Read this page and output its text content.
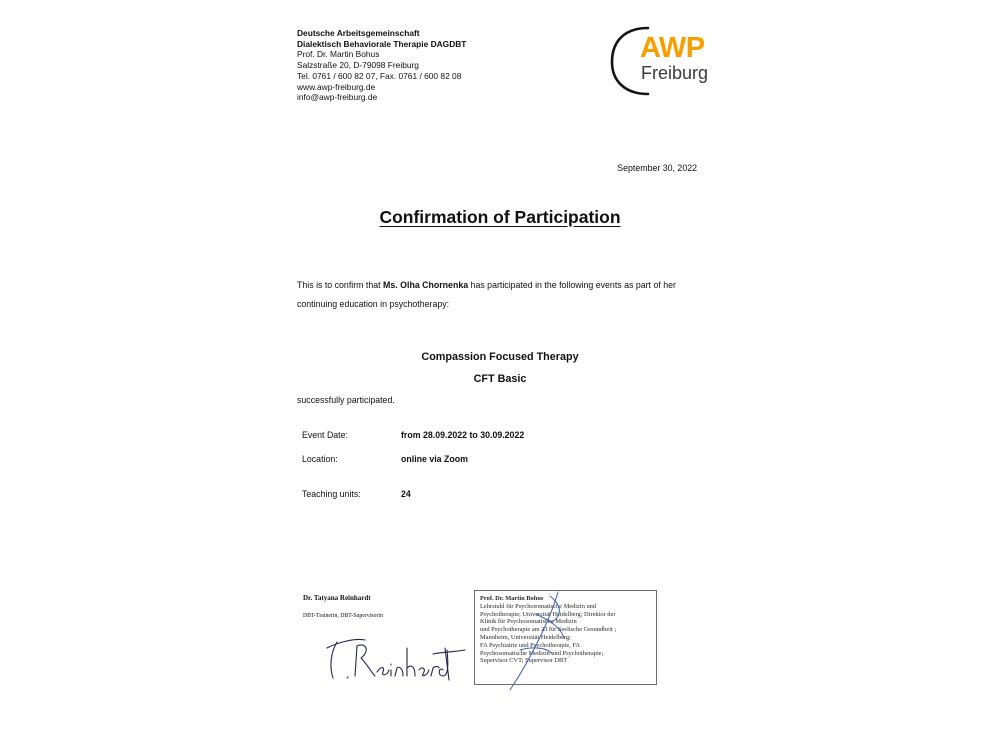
Deutsche Arbeitsgemeinschaft
Dialektisch Behaviorale Therapie DAGDBT
Prof. Dr. Martin Bohus
Salzstraße 20, D-79098 Freiburg
Tel. 0761 / 600 82 07, Fax. 0761 / 600 82 08
www.awp-freiburg.de
info@awp-freiburg.de
AWP
Freiburg
September 30, 2022
Confirmation of Participation
This is to confirm that Ms. Olha Chornenka has participated in the following events as part of her continuing education in psychotherapy:
Compassion Focused Therapy
CFT Basic
successfully participated.
Event Date:	from 28.09.2022 to 30.09.2022
Location:	online via Zoom
Teaching units:	24
Dr. Tatyana Reinhardt
DBT-Trainerin, DBT-Supervisorin
Prof. Dr. Martin Bohus
Lehrstuhl für Psychosomatische Medizin und
Psychotherapie; Universität Heidelberg; Direktor der
Klinik für Psychosomatische Medizin
und Psychotherapie am ZI für Seelische Gesundheit ;
Mannheim, Universität Heidelberg;
FA Psychiatrie und Psychotherapie, FA
Psychosomatische Medizin und Psychotherapie;
Supervisor CVT; Supervisor DBT
